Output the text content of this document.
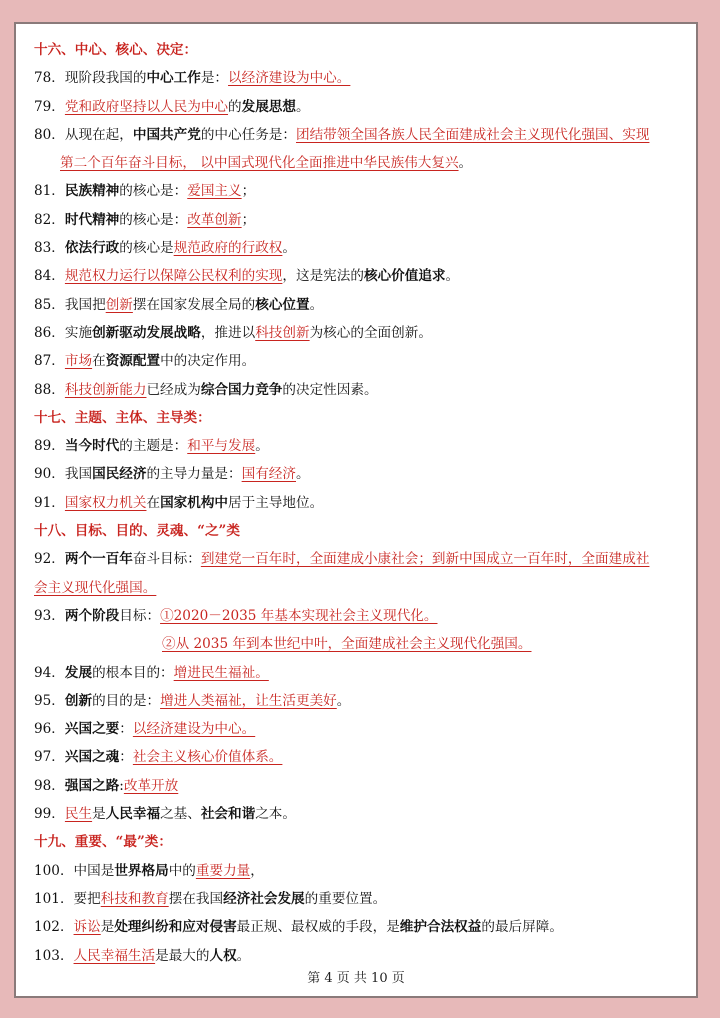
十六、中心、核心、决定：
78．现阶段我国的中心工作是：以经济建设为中心。
79．党和政府坚持以人民为中心的发展思想。
80．从现在起，中国共产党的中心任务是：团结带领全国各族人民全面建成社会主义现代化强国、实现
第二个百年奋斗目标， 以中国式现代化全面推进中华民族伟大复兴。
81．民族精神的核心是：爱国主义；
82．时代精神的核心是：改革创新；
83．依法行政的核心是规范政府的行政权。
84．规范权力运行以保障公民权利的实现，这是宪法的核心价值追求。
85．我国把创新摆在国家发展全局的核心位置。
86．实施创新驱动发展战略，推进以科技创新为核心的全面创新。
87．市场在资源配置中的决定作用。
88．科技创新能力已经成为综合国力竞争的决定性因素。
十七、主题、主体、主导类：
89．当今时代的主题是：和平与发展。
90．我国国民经济的主导力量是：国有经济。
91．国家权力机关在国家机构中居于主导地位。
十八、目标、目的、灵魂、“之”类
92．两个一百年奋斗目标：到建党一百年时，全面建成小康社会；到新中国成立一百年时，全面建成社
会主义现代化强国。
93．两个阶段目标：①2020－2035 年基本实现社会主义现代化。
②从 2035 年到本世纪中叶，全面建成社会主义现代化强国。
94．发展的根本目的：增进民生福祉。
95．创新的目的是：增进人类福祉，让生活更美好。
96．兴国之要：以经济建设为中心。
97．兴国之魂：社会主义核心价值体系。
98．强国之路:改革开放
99．民生是人民幸福之基、社会和谐之本。
十九、重要、“最”类：
100．中国是世界格局中的重要力量，
101．要把科技和教育摆在我国经济社会发展的重要位置。
102．诉讼是处理纠纷和应对侵害最正规、最权威的手段，是维护合法权益的最后屏障。
103．人民幸福生活是最大的人权。
第 4 页 共 10 页
